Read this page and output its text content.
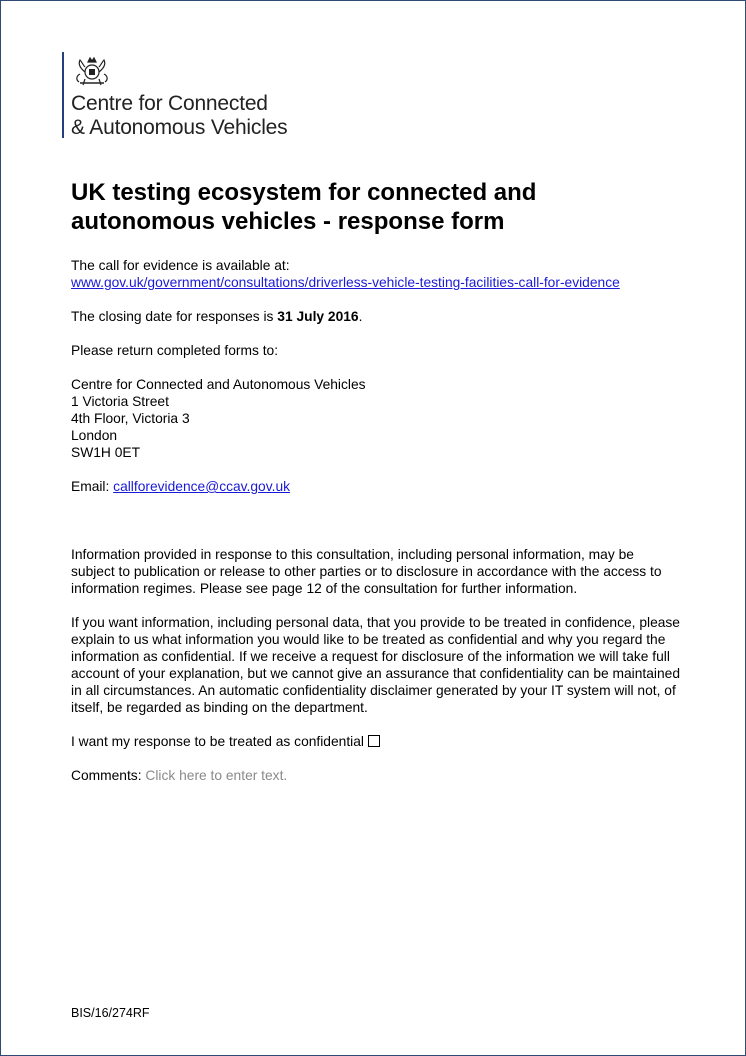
Centre for Connected
& Autonomous Vehicles
UK testing ecosystem for connected and
autonomous vehicles - response form

The call for evidence is available at:

www.gov.uk/government/consultations/driverless-vehicle-testing-facilities-call-for-evidence

The closing date for responses is 31 July 2016.

Please return completed forms to:

Centre for Connected and Autonomous Vehicles

1 Victoria Street

4th Floor, Victoria 3

London

SW1H 0ET

Email: callforevidence@ccav.gov.uk

Information provided in response to this consultation, including personal information, may be subject to publication or release to other parties or to disclosure in accordance with the access to information regimes. Please see page 12 of the consultation for further information.

If you want information, including personal data, that you provide to be treated in confidence, please explain to us what information you would like to be treated as confidential and why you regard the information as confidential. If we receive a request for disclosure of the information we will take full account of your explanation, but we cannot give an assurance that confidentiality can be maintained in all circumstances. An automatic confidentiality disclaimer generated by your IT system will not, of itself, be regarded as binding on the department.

I want my response to be treated as confidential

Comments: Click here to enter text.

BIS/16/274RF
